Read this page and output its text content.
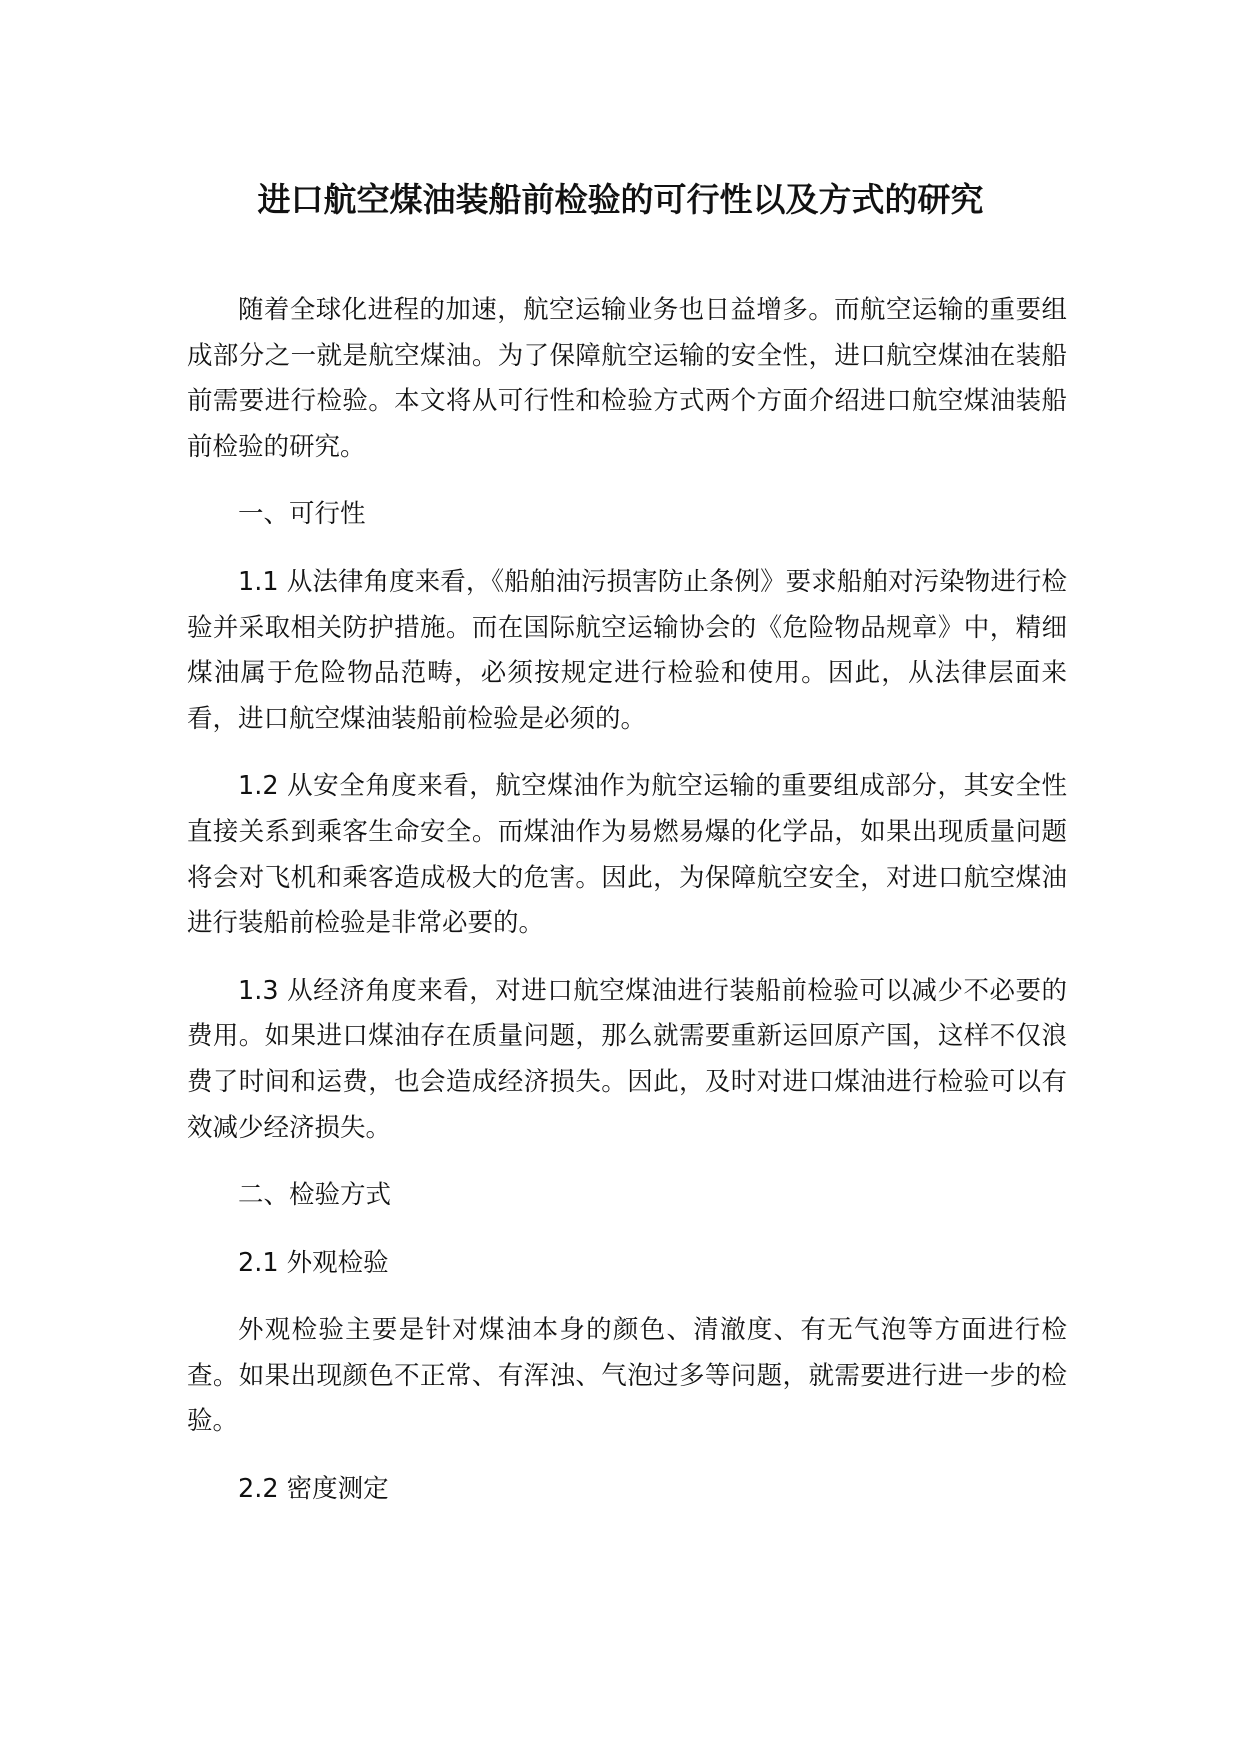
进口航空煤油装船前检验的可行性以及方式的研究

随着全球化进程的加速，航空运输业务也日益增多。而航空运输的重要组成部分之一就是航空煤油。为了保障航空运输的安全性，进口航空煤油在装船前需要进行检验。本文将从可行性和检验方式两个方面介绍进口航空煤油装船前检验的研究。

一、可行性

1.1 从法律角度来看，《船舶油污损害防止条例》要求船舶对污染物进行检验并采取相关防护措施。而在国际航空运输协会的《危险物品规章》中，精细煤油属于危险物品范畴，必须按规定进行检验和使用。因此，从法律层面来看，进口航空煤油装船前检验是必须的。

1.2 从安全角度来看，航空煤油作为航空运输的重要组成部分，其安全性直接关系到乘客生命安全。而煤油作为易燃易爆的化学品，如果出现质量问题将会对飞机和乘客造成极大的危害。因此，为保障航空安全，对进口航空煤油进行装船前检验是非常必要的。

1.3 从经济角度来看，对进口航空煤油进行装船前检验可以减少不必要的费用。如果进口煤油存在质量问题，那么就需要重新运回原产国，这样不仅浪费了时间和运费，也会造成经济损失。因此，及时对进口煤油进行检验可以有效减少经济损失。

二、检验方式

2.1 外观检验

外观检验主要是针对煤油本身的颜色、清澈度、有无气泡等方面进行检查。如果出现颜色不正常、有浑浊、气泡过多等问题，就需要进行进一步的检验。

2.2 密度测定
